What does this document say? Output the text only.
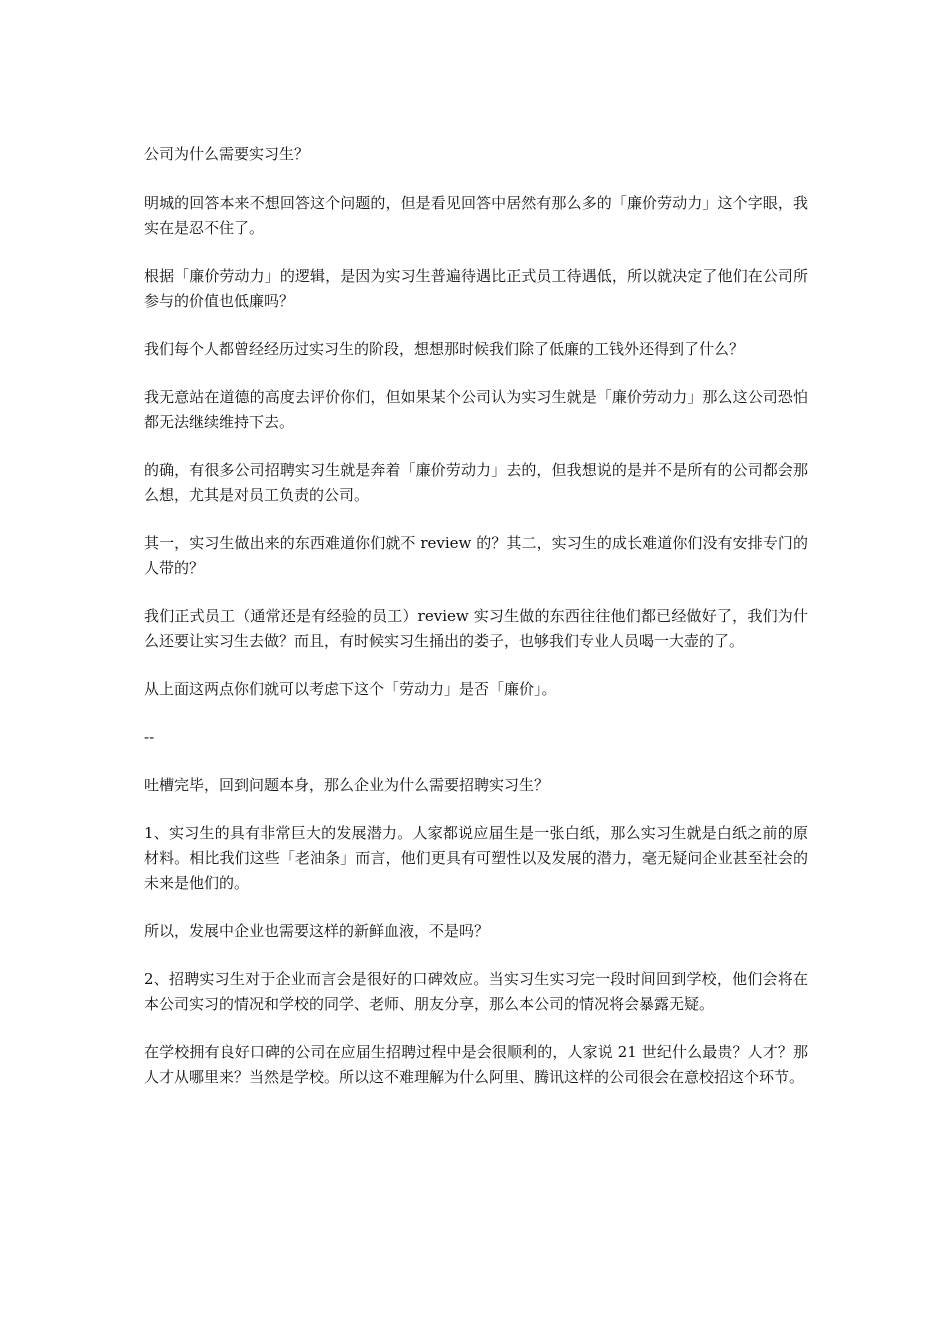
公司为什么需要实习生？

明城的回答本来不想回答这个问题的，但是看见回答中居然有那么多的「廉价劳动力」这个字眼，我实在是忍不住了。

根据「廉价劳动力」的逻辑，是因为实习生普遍待遇比正式员工待遇低，所以就决定了他们在公司所参与的价值也低廉吗？

我们每个人都曾经经历过实习生的阶段，想想那时候我们除了低廉的工钱外还得到了什么？

我无意站在道德的高度去评价你们，但如果某个公司认为实习生就是「廉价劳动力」那么这公司恐怕都无法继续维持下去。

的确，有很多公司招聘实习生就是奔着「廉价劳动力」去的，但我想说的是并不是所有的公司都会那么想，尤其是对员工负责的公司。

其一，实习生做出来的东西难道你们就不 review 的？其二，实习生的成长难道你们没有安排专门的人带的？

我们正式员工（通常还是有经验的员工）review 实习生做的东西往往他们都已经做好了，我们为什么还要让实习生去做？而且，有时候实习生捅出的娄子，也够我们专业人员喝一大壶的了。

从上面这两点你们就可以考虑下这个「劳动力」是否「廉价」。

--

吐槽完毕，回到问题本身，那么企业为什么需要招聘实习生？

1、实习生的具有非常巨大的发展潜力。人家都说应届生是一张白纸，那么实习生就是白纸之前的原材料。相比我们这些「老油条」而言，他们更具有可塑性以及发展的潜力，毫无疑问企业甚至社会的未来是他们的。

所以，发展中企业也需要这样的新鲜血液，不是吗？

2、招聘实习生对于企业而言会是很好的口碑效应。当实习生实习完一段时间回到学校，他们会将在本公司实习的情况和学校的同学、老师、朋友分享，那么本公司的情况将会暴露无疑。

在学校拥有良好口碑的公司在应届生招聘过程中是会很顺利的，人家说 21 世纪什么最贵？人才？那人才从哪里来？当然是学校。所以这不难理解为什么阿里、腾讯这样的公司很会在意校招这个环节。
